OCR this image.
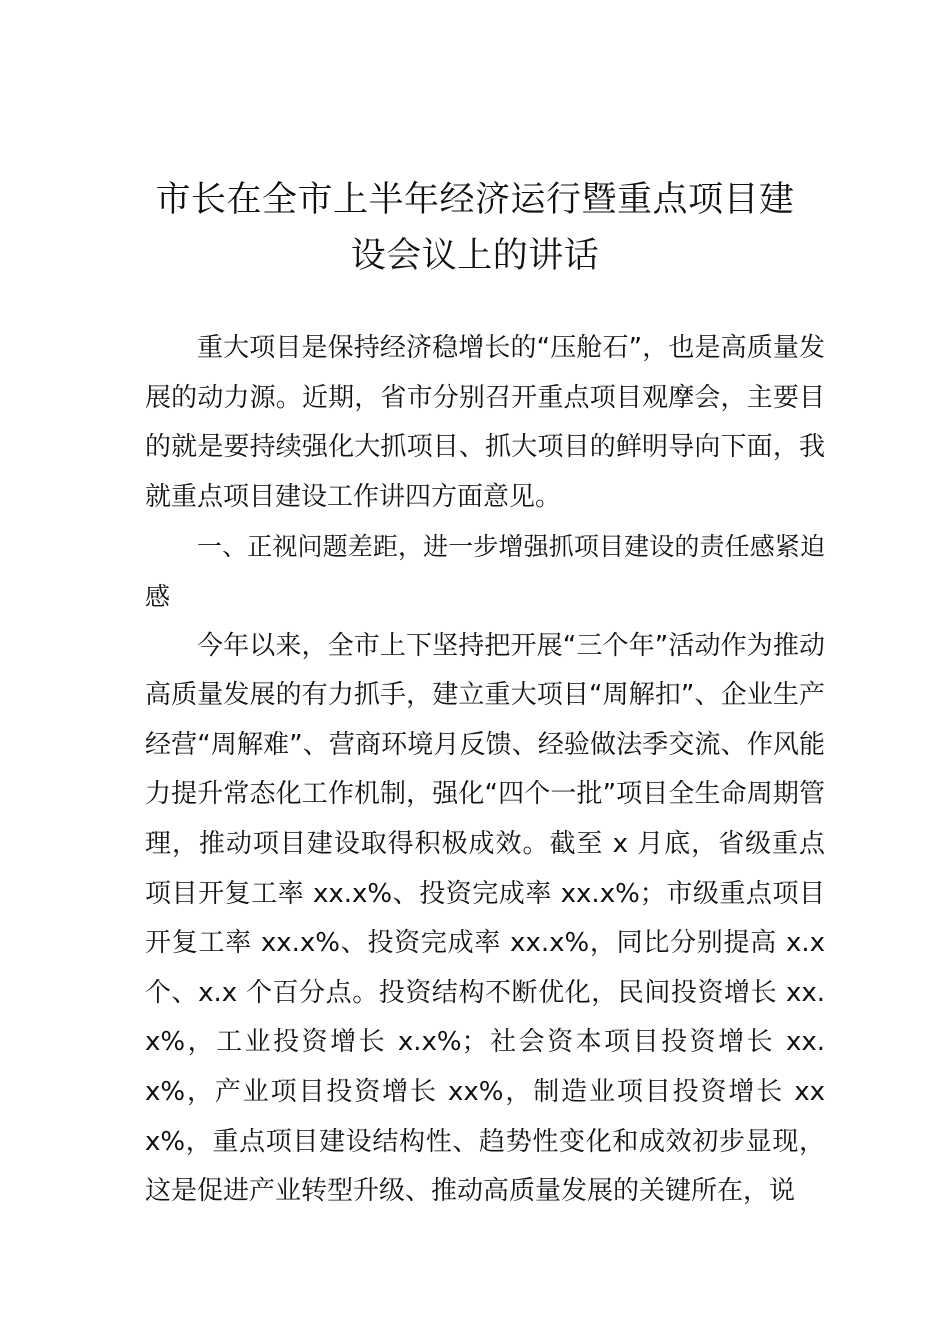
市长在全市上半年经济运行暨重点项目建
设会议上的讲话

重大项目是保持经济稳增长的“压舱石”，也是高质量发展的动力源。近期，省市分别召开重点项目观摩会，主要目的就是要持续强化大抓项目、抓大项目的鲜明导向下面，我就重点项目建设工作讲四方面意见。

一、正视问题差距，进一步增强抓项目建设的责任感紧迫感

今年以来，全市上下坚持把开展“三个年”活动作为推动高质量发展的有力抓手，建立重大项目“周解扣”、企业生产经营“周解难”、营商环境月反馈、经验做法季交流、作风能力提升常态化工作机制，强化“四个一批”项目全生命周期管理，推动项目建设取得积极成效。截至 x 月底，省级重点项目开复工率 xx.x%、投资完成率 xx.x%；市级重点项目开复工率 xx.x%、投资完成率 xx.x%，同比分别提高 x.x 个、x.x 个百分点。投资结构不断优化，民间投资增长 xx.x%，工业投资增长 x.x%；社会资本项目投资增长 xx.x%，产业项目投资增长 xx%，制造业项目投资增长 xxx%，重点项目建设结构性、趋势性变化和成效初步显现，这是促进产业转型升级、推动高质量发展的关键所在，说
